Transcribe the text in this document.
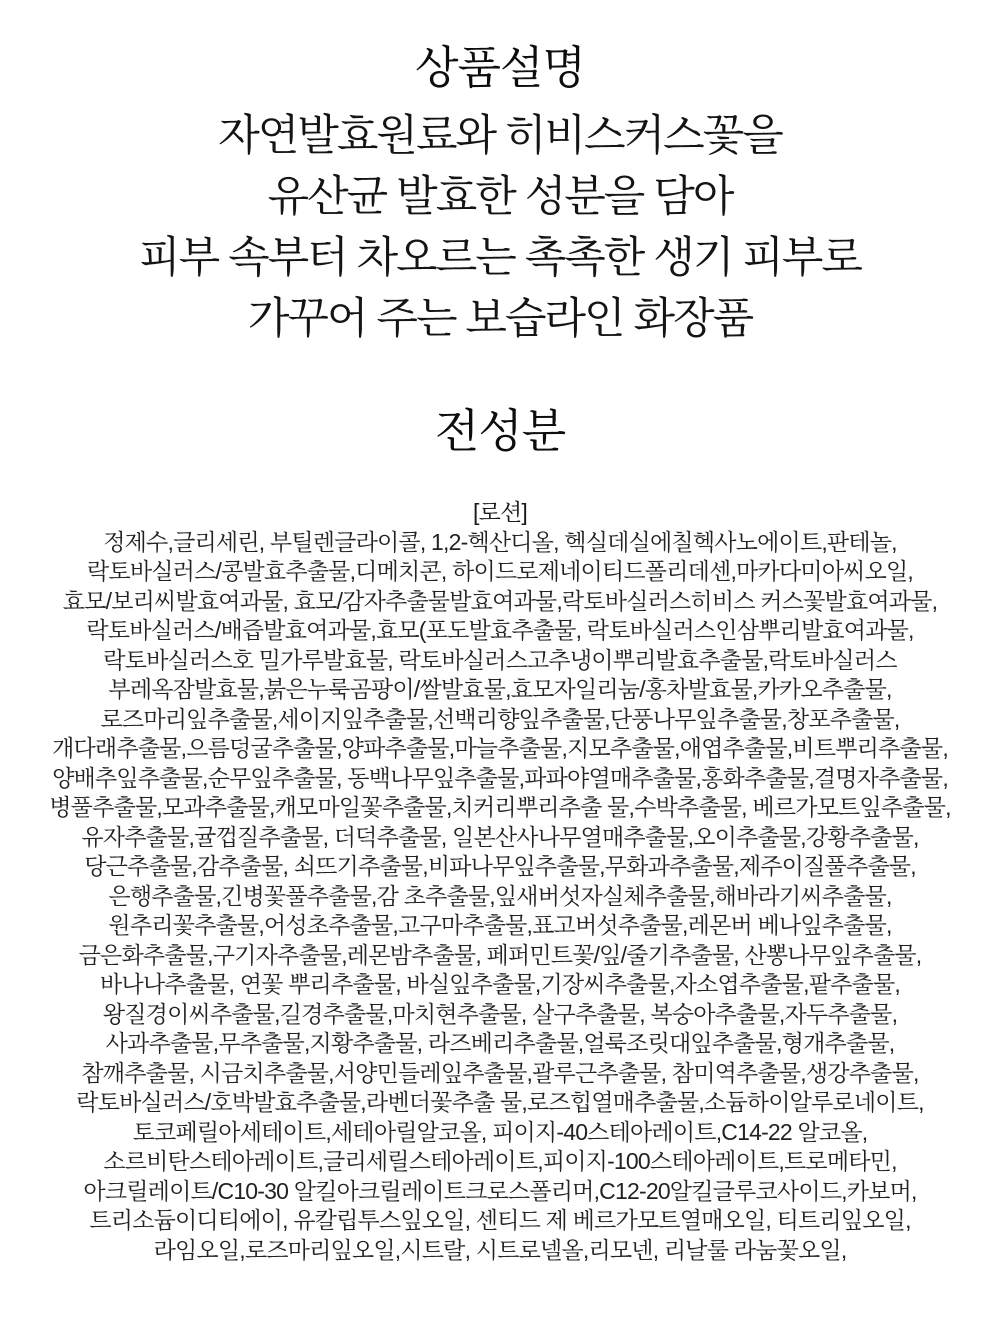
상품설명

자연발효원료와 히비스커스꽃을

유산균 발효한 성분을 담아

피부 속부터 차오르는 촉촉한 생기 피부로

가꾸어 주는 보습라인 화장품

전성분
[로션]
정제수,글리세린, 부틸렌글라이콜, 1,2-헥산디올, 헥실데실에칠헥사노에이트,판테놀,
락토바실러스/콩발효추출물,디메치콘, 하이드로제네이티드폴리데센,마카다미아씨오일,
효모/보리씨발효여과물, 효모/감자추출물발효여과물,락토바실러스히비스 커스꽃발효여과물,
락토바실러스/배즙발효여과물,효모(포도발효추출물, 락토바실러스인삼뿌리발효여과물,
락토바실러스호 밀가루발효물, 락토바실러스고추냉이뿌리발효추출물,락토바실러스
부레옥잠발효물,붉은누룩곰팡이/쌀발효물,효모자일리눔/홍차발효물,카카오추출물,
로즈마리잎추출물,세이지잎추출물,선백리향잎추출물,단풍나무잎추출물,창포추출물,
개다래추출물,으름덩굴추출물,양파추출물,마늘추출물,지모추출물,애엽추출물,비트뿌리추출물,
양배추잎추출물,순무잎추출물, 동백나무잎추출물,파파야열매추출물,홍화추출물,결명자추출물,
병풀추출물,모과추출물,캐모마일꽃추출물,치커리뿌리추출 물,수박추출물, 베르가모트잎추출물,
유자추출물,귤껍질추출물, 더덕추출물, 일본산사나무열매추출물,오이추출물,강황추출물,
당근추출물,감추출물, 쇠뜨기추출물,비파나무잎추출물,무화과추출물,제주이질풀추출물,
은행추출물,긴병꽃풀추출물,감 초추출물,잎새버섯자실체추출물,해바라기씨추출물,
원추리꽃추출물,어성초추출물,고구마추출물,표고버섯추출물,레몬버 베나잎추출물,
금은화추출물,구기자추출물,레몬밤추출물, 페퍼민트꽃/잎/줄기추출물, 산뽕나무잎추출물,
바나나추출물, 연꽃 뿌리추출물, 바실잎추출물,기장씨추출물,자소엽추출물,팥추출물,
왕질경이씨추출물,길경추출물,마치현추출물, 살구추출물, 복숭아추출물,자두추출물,
사과추출물,무추출물,지황추출물, 라즈베리추출물,얼룩조릿대잎추출물,형개추출물,
참깨추출물, 시금치추출물,서양민들레잎추출물,괄루근추출물, 참미역추출물,생강추출물,
락토바실러스/호박발효추출물,라벤더꽃추출 물,로즈힙열매추출물,소듐하이알루로네이트,
토코페릴아세테이트,세테아릴알코올, 피이지-40스테아레이트,C14-22 알코올,
소르비탄스테아레이트,글리세릴스테아레이트,피이지-100스테아레이트,트로메타민,
아크릴레이트/C10-30 알킬아크릴레이트크로스폴리머,C12-20알킬글루코사이드,카보머,
트리소듐이디티에이, 유칼립투스잎오일, 센티드 제 베르가모트열매오일, 티트리잎오일,
라임오일,로즈마리잎오일,시트랄, 시트로넬올,리모넨, 리날룰 라눔꽃오일,
